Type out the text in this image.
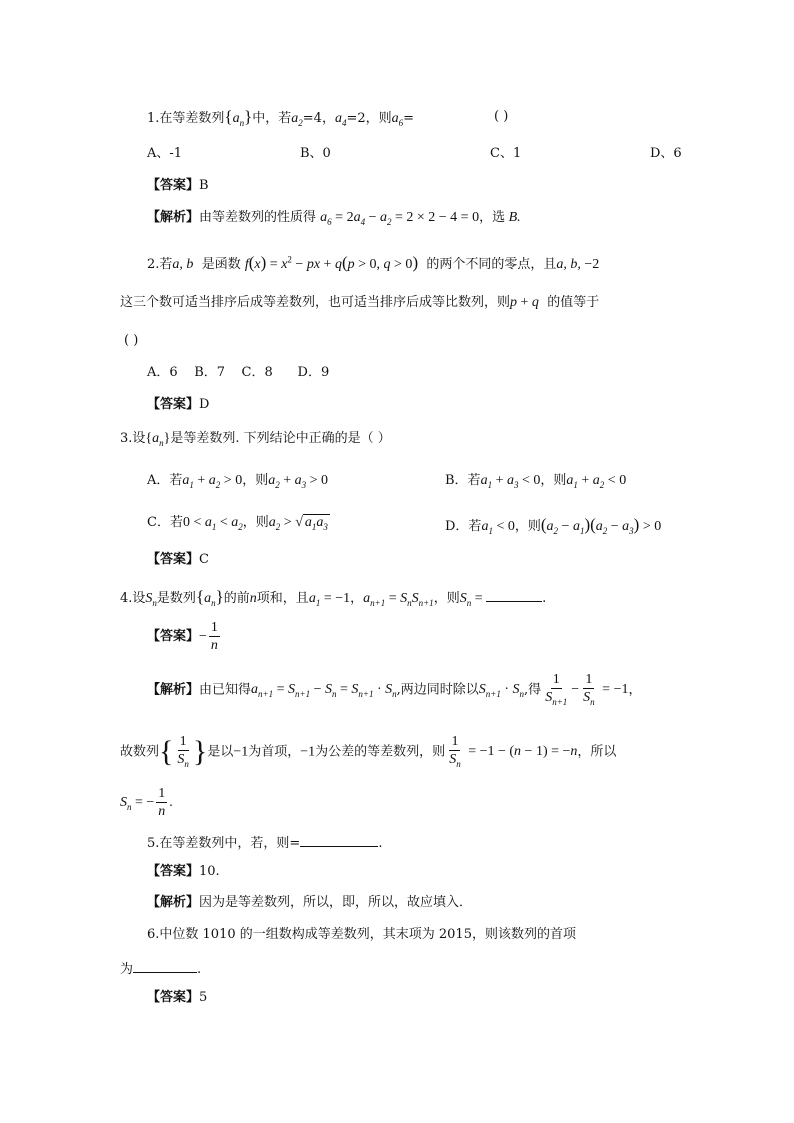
1.在等差数列$\{a_n\}$中，若$a_2=4$，$a_4=2$，则$a_6=$	( )
A、-1	B、0	C、1	D、6
【答案】B
【解析】由等差数列的性质得 $a_6 = 2a_4 - a_2 = 2 \times 2 - 4 = 0$，选 B.
2.若a, b 是函数 $f(x) = x^2$ − px + q(p > 0, q > 0) 的两个不同的零点，且a, b, −2
这三个数可适当排序后成等差数列，也可适当排序后成等比数列，则p + q 的值等于
( )
A．6    B．7    C．8      D．9
【答案】D
3.设$\{a_n\}$是等差数列. 下列结论中正确的是（ ）
A．若$a_1 + a_2 > 0$，则$a_2 + a_3 > 0$	B．若$a_1 + a_3 < 0$，则$a_1 + a_2 < 0$
C．若$0 < a_1 < a_2$，则$a_2$ > √ $a_1a_3$	D．若$a_1 < 0$，则$(a_2 - a_1)(a_2 - a_3) > 0$
【答案】C
4.设$S_n$是数列$\{a_n\}$的前n项和，且$a_1 = -1$，$a_{n+1} = S_nS_{n+1}$，则$S_n$ =	.
【答案】− $\frac{1}{n}$
【解析】由已知得$a_{n+1} = S_{n+1} - S_n = S_{n+1} \cdot S_n$,两边同时除以$S_{n+1} \cdot S_n$,得 $\frac{1}{S_{n+1}} - \frac{1}{S_n} = -1$，
故数列{ $\frac{1}{S_n}$ }是以−1为首项，−1为公差的等差数列，则 $\frac{1}{S_n} = -1 - (n - 1) = -n$，所以
$S_n$ = − $\frac{1}{n}$ .
5.在等差数列中，若，则=	.
【答案】10.
【解析】因为是等差数列，所以，即，所以，故应填入．
6.中位数 1010 的一组数构成等差数列，其末项为 2015，则该数列的首项
为	.
【答案】5
